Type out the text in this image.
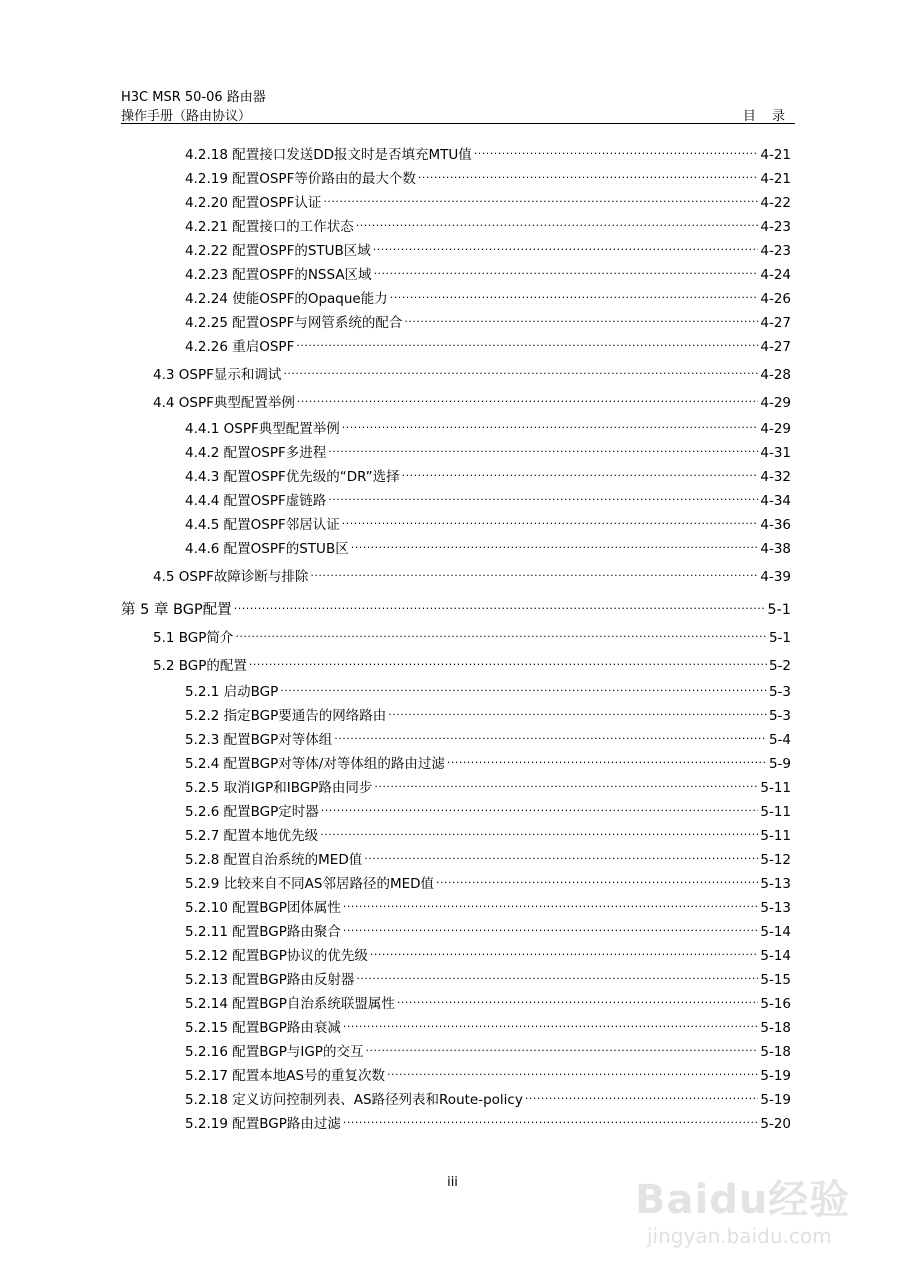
H3C MSR 50-06 路由器
操作手册（路由协议）	目 录
4.2.18 配置接口发送DD报文时是否填充MTU值 .....	4-21
4.2.19 配置OSPF等价路由的最大个数 .....	4-21
4.2.20 配置OSPF认证 .....	4-22
4.2.21 配置接口的工作状态 .....	4-23
4.2.22 配置OSPF的STUB区域 .....	4-23
4.2.23 配置OSPF的NSSA区域 .....	4-24
4.2.24 使能OSPF的Opaque能力 .....	4-26
4.2.25 配置OSPF与网管系统的配合 .....	4-27
4.2.26 重启OSPF .....	4-27
4.3 OSPF显示和调试 .....	4-28
4.4 OSPF典型配置举例 .....	4-29
4.4.1 OSPF典型配置举例 .....	4-29
4.4.2 配置OSPF多进程 .....	4-31
4.4.3 配置OSPF优先级的“DR”选择 .....	4-32
4.4.4 配置OSPF虚链路 .....	4-34
4.4.5 配置OSPF邻居认证 .....	4-36
4.4.6 配置OSPF的STUB区 .....	4-38
4.5 OSPF故障诊断与排除 .....	4-39
第 5 章 BGP配置 .....	5-1
5.1 BGP简介 .....	5-1
5.2 BGP的配置 .....	5-2
5.2.1 启动BGP .....	5-3
5.2.2 指定BGP要通告的网络路由 .....	5-3
5.2.3 配置BGP对等体组 .....	5-4
5.2.4 配置BGP对等体/对等体组的路由过滤 .....	5-9
5.2.5 取消IGP和IBGP路由同步 .....	5-11
5.2.6 配置BGP定时器 .....	5-11
5.2.7 配置本地优先级 .....	5-11
5.2.8 配置自治系统的MED值 .....	5-12
5.2.9 比较来自不同AS邻居路径的MED值 .....	5-13
5.2.10 配置BGP团体属性 .....	5-13
5.2.11 配置BGP路由聚合 .....	5-14
5.2.12 配置BGP协议的优先级 .....	5-14
5.2.13 配置BGP路由反射器 .....	5-15
5.2.14 配置BGP自治系统联盟属性 .....	5-16
5.2.15 配置BGP路由衰减 .....	5-18
5.2.16 配置BGP与IGP的交互 .....	5-18
5.2.17 配置本地AS号的重复次数 .....	5-19
5.2.18 定义访问控制列表、AS路径列表和Route-policy .....	5-19
5.2.19 配置BGP路由过滤 .....	5-20
iii	Baidu经验
jingyan.baidu.com
